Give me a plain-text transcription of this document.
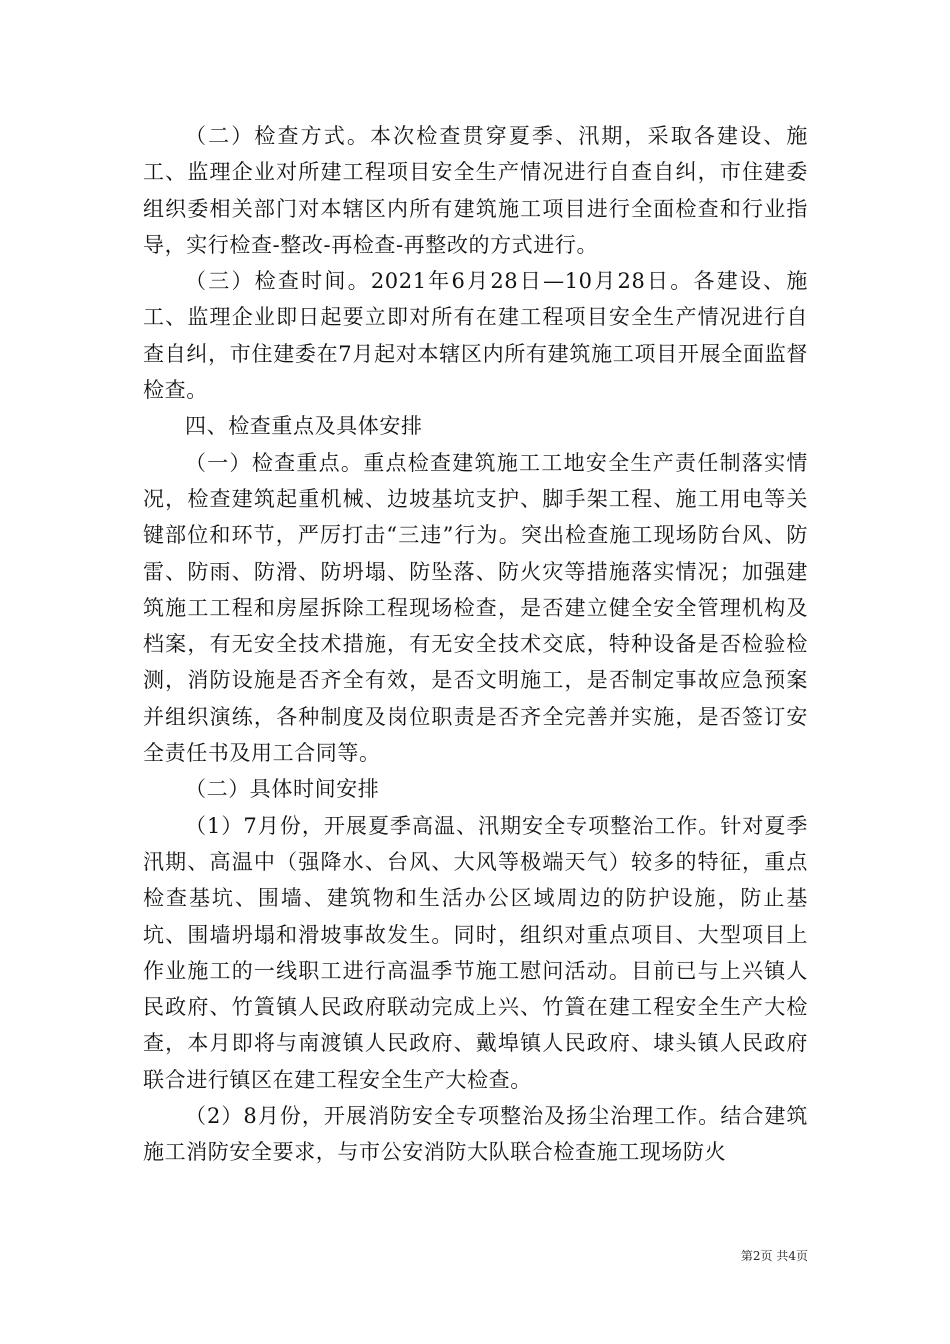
（二）检查方式。本次检查贯穿夏季、汛期，采取各建设、施工、监理企业对所建工程项目安全生产情况进行自查自纠，市住建委组织委相关部门对本辖区内所有建筑施工项目进行全面检查和行业指导，实行检查-整改-再检查-再整改的方式进行。

（三）检查时间。2021年6月28日—10月28日。各建设、施工、监理企业即日起要立即对所有在建工程项目安全生产情况进行自查自纠，市住建委在7月起对本辖区内所有建筑施工项目开展全面监督检查。

四、检查重点及具体安排

（一）检查重点。重点检查建筑施工工地安全生产责任制落实情况，检查建筑起重机械、边坡基坑支护、脚手架工程、施工用电等关键部位和环节，严厉打击“三违”行为。突出检查施工现场防台风、防雷、防雨、防滑、防坍塌、防坠落、防火灾等措施落实情况；加强建筑施工工程和房屋拆除工程现场检查，是否建立健全安全管理机构及档案，有无安全技术措施，有无安全技术交底，特种设备是否检验检测，消防设施是否齐全有效，是否文明施工，是否制定事故应急预案并组织演练，各种制度及岗位职责是否齐全完善并实施，是否签订安全责任书及用工合同等。

（二）具体时间安排

（1）7月份，开展夏季高温、汛期安全专项整治工作。针对夏季汛期、高温中（强降水、台风、大风等极端天气）较多的特征，重点检查基坑、围墙、建筑物和生活办公区域周边的防护设施，防止基坑、围墙坍塌和滑坡事故发生。同时，组织对重点项目、大型项目上作业施工的一线职工进行高温季节施工慰问活动。目前已与上兴镇人民政府、竹篢镇人民政府联动完成上兴、竹篢在建工程安全生产大检查，本月即将与南渡镇人民政府、戴埠镇人民政府、埭头镇人民政府联合进行镇区在建工程安全生产大检查。

（2）8月份，开展消防安全专项整治及扬尘治理工作。结合建筑施工消防安全要求，与市公安消防大队联合检查施工现场防火

第2页 共4页
